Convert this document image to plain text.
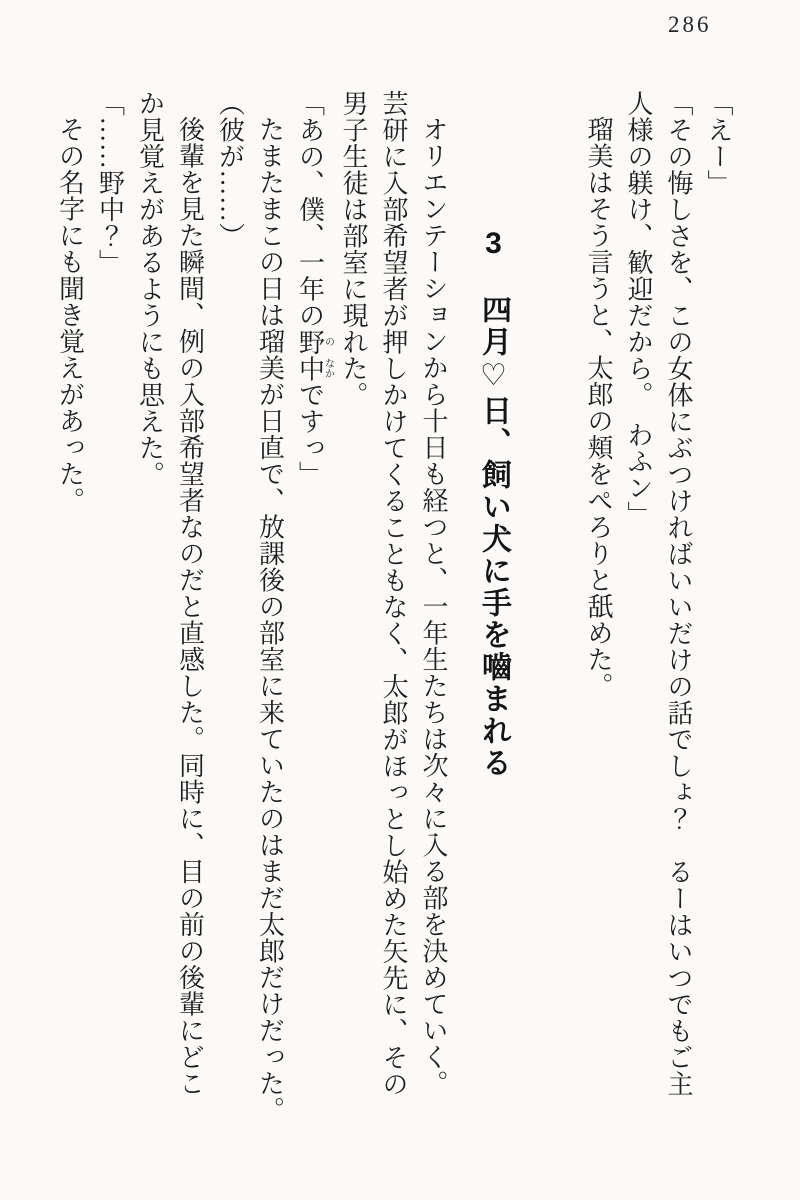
286

「えー」

「その悔しさを、この女体にぶつければいいだけの話でしょ？　るーはいつでもご主

人様の躾け、歓迎だから。　わふン」

瑠美はそう言うと、太郎の頬をぺろりと舐めた。

3　四月♡日、飼い犬に手を嚙まれる

オリエンテーションから十日も経つと、一年生たちは次々に入る部を決めていく。

芸研に入部希望者が押しかけてくることもなく、太郎がほっとし始めた矢先に、その

男子生徒は部室に現れた。

「あの、僕、一年の野の中なかですっ」

たまたまこの日は瑠美が日直で、放課後の部室に来ていたのはまだ太郎だけだった。

（彼が……）

後輩を見た瞬間、例の入部希望者なのだと直感した。同時に、目の前の後輩にどこ

か見覚えがあるようにも思えた。

「……野中？」

その名字にも聞き覚えがあった。
